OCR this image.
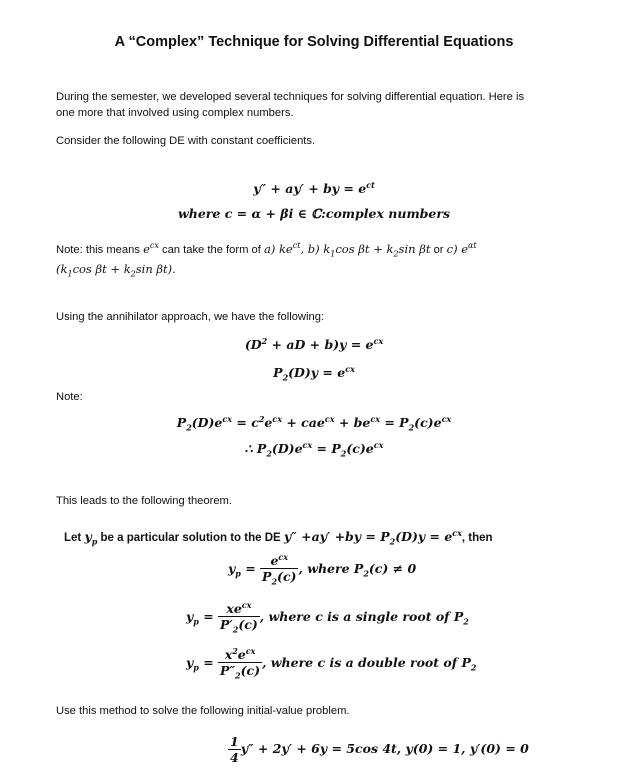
A “Complex” Technique for Solving Differential Equations
During the semester, we developed several techniques for solving differential equation. Here is
one more that involved using complex numbers.
Consider the following DE with constant coefficients.
y″ + ay′ + by = $e^{ct}$
where c = α + βi ∈ ℂ:complex numbers
Note: this means $e^{cx}$ can take the form of a) $ke^{ct}$, b) $k_1\cos$ $\beta t + k_2\sin$ βt or c) $e^{\alpha t}$
($k_1\cos$ $\beta t + k_2\sin$ βt).
Using the annihilator approach, we have the following:
($D^2$ + aD + $b)y = e^{cx}$
$P_2(D)y = e^{cx}$
Note:
$P_2(D)e^{cx} = c^2e^{cx} + cae^{cx} + be^{cx} = P_2(c)e^{cx}$
∴ $P_2(D)e^{cx} = P_2(c)e^{cx}$
This leads to the following theorem.
Let $y_p$ be a particular solution to the DE $y'' +ay' +by = P_2(D)y = e^{cx}$, then
$y_p = \frac{e^{cx}}{P_2(c)}$ , where $P_2(c) \ne 0$
$y_p = \frac{xe^{cx}}{P'_2(c)}$ , where c is a single root of $P_2$
$y_p = \frac{x^2e^{cx}}{P''_2(c)}$ , where c is a double root of $P_2$
Use this method to solve the following initial-value problem.
$\frac{1}{4} y'' + 2y' + 6y = 5\cos$ 4t, y(0) = 1, y′(0) = 0
